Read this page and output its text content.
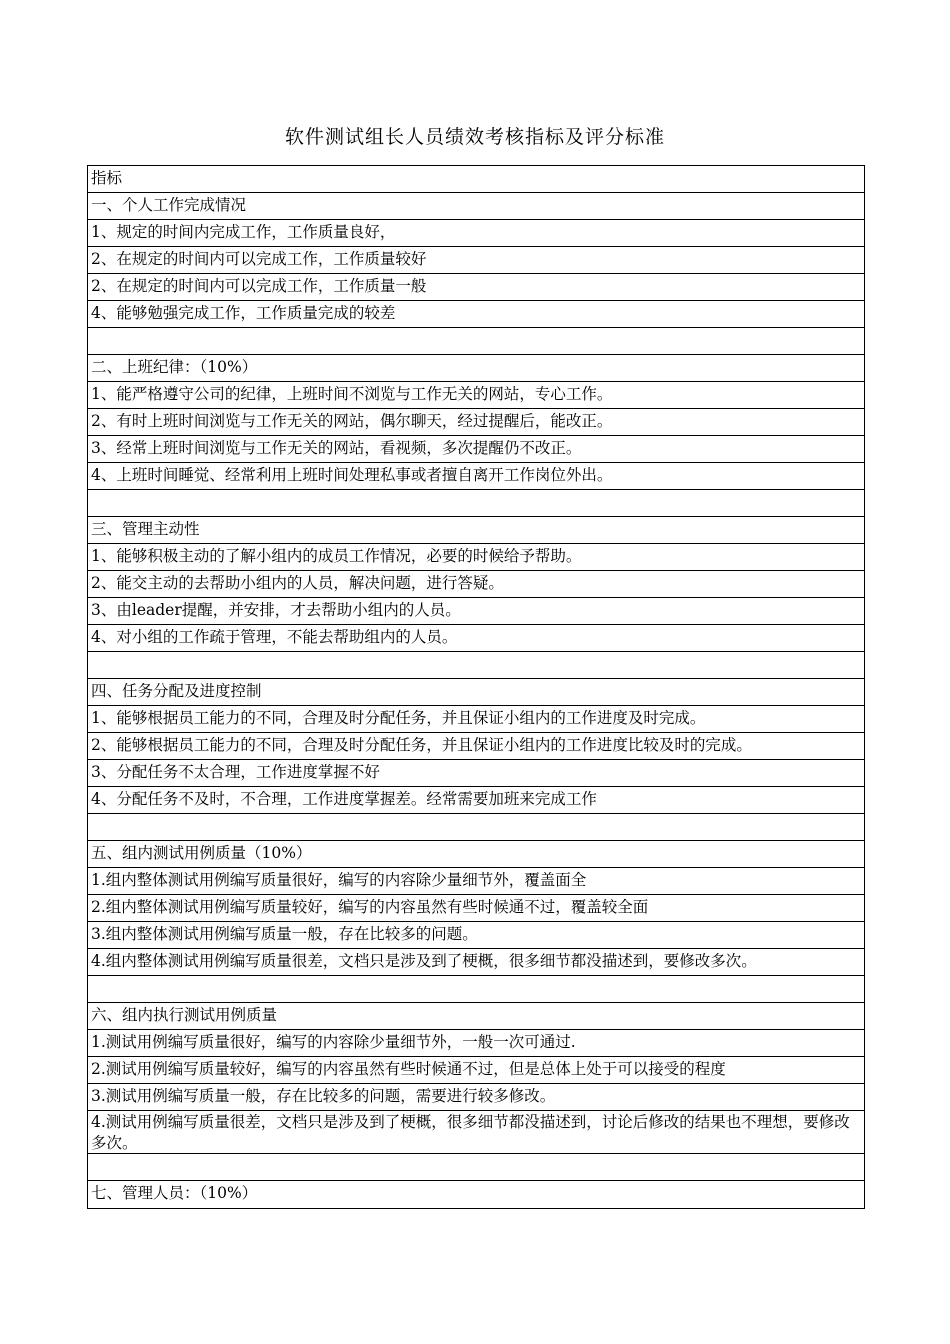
软件测试组长人员绩效考核指标及评分标准
指标
一、个人工作完成情况
1、规定的时间内完成工作，工作质量良好，
2、在规定的时间内可以完成工作，工作质量较好
2、在规定的时间内可以完成工作，工作质量一般
4、能够勉强完成工作，工作质量完成的较差
二、上班纪律：（10%）
1、能严格遵守公司的纪律，上班时间不浏览与工作无关的网站，专心工作。
2、有时上班时间浏览与工作无关的网站，偶尔聊天，经过提醒后，能改正。
3、经常上班时间浏览与工作无关的网站，看视频，多次提醒仍不改正。
4、上班时间睡觉、经常利用上班时间处理私事或者擅自离开工作岗位外出。
三、管理主动性
1、能够积极主动的了解小组内的成员工作情况，必要的时候给予帮助。
2、能交主动的去帮助小组内的人员，解决问题，进行答疑。
3、由leader提醒，并安排，才去帮助小组内的人员。
4、对小组的工作疏于管理，不能去帮助组内的人员。
四、任务分配及进度控制
1、能够根据员工能力的不同，合理及时分配任务，并且保证小组内的工作进度及时完成。
2、能够根据员工能力的不同，合理及时分配任务，并且保证小组内的工作进度比较及时的完成。
3、分配任务不太合理，工作进度掌握不好
4、分配任务不及时，不合理，工作进度掌握差。经常需要加班来完成工作
五、组内测试用例质量（10%）
1.组内整体测试用例编写质量很好，编写的内容除少量细节外，覆盖面全
2.组内整体测试用例编写质量较好，编写的内容虽然有些时候通不过，覆盖较全面
3.组内整体测试用例编写质量一般，存在比较多的问题。
4.组内整体测试用例编写质量很差，文档只是涉及到了梗概，很多细节都没描述到，要修改多次。
六、组内执行测试用例质量
1.测试用例编写质量很好，编写的内容除少量细节外，一般一次可通过.
2.测试用例编写质量较好，编写的内容虽然有些时候通不过，但是总体上处于可以接受的程度
3.测试用例编写质量一般，存在比较多的问题，需要进行较多修改。
4.测试用例编写质量很差，文档只是涉及到了梗概，很多细节都没描述到，讨论后修改的结果也不理想，要修改多次。
七、管理人员：（10%）
